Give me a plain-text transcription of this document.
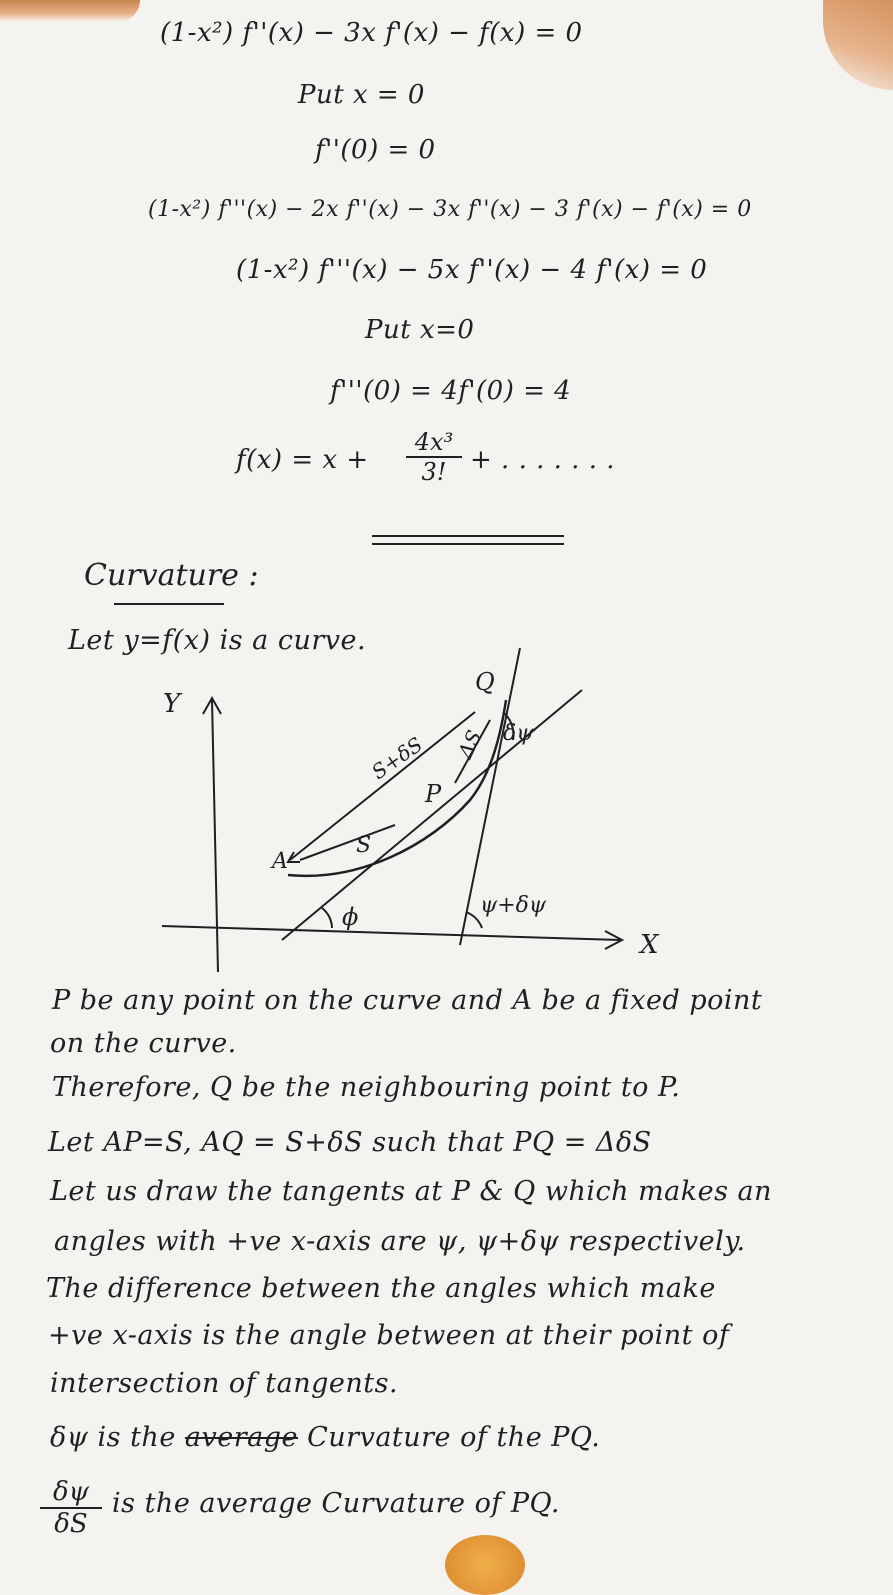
(1-x²) f''(x) − 3x f'(x) − f(x) = 0
Put x = 0
f''(0) = 0
(1-x²) f'''(x) − 2x f''(x) − 3x f''(x) − 3 f'(x) − f'(x) = 0
(1-x²) f'''(x) − 5x f''(x) − 4 f'(x) = 0
Put x=0
f'''(0) = 4f'(0) = 4
$f(x) = x + \frac{\text{4x³}}{3!}$ + . . . . . . .
Curvature :
Let y=f(x) is a curve.
Y
X
Q
P
A
S
S+δS ΔS δψ
ϕ	ψ+δψ
P be any point on the curve and A be a fixed point
on the curve.
Therefore, Q be the neighbouring point to P.
Let AP=S, AQ = S+δS such that PQ = ΔδS
Let us draw the tangents at P & Q which makes an
angles with +ve x-axis are ψ, ψ+δψ respectively.
The difference between the angles which make
+ve x-axis is the angle between at their point of
intersection of tangents.
δψ is the average Curvature of the PQ.
$\frac{\delta\psi}{\delta S}$ is the average Curvature of PQ.
